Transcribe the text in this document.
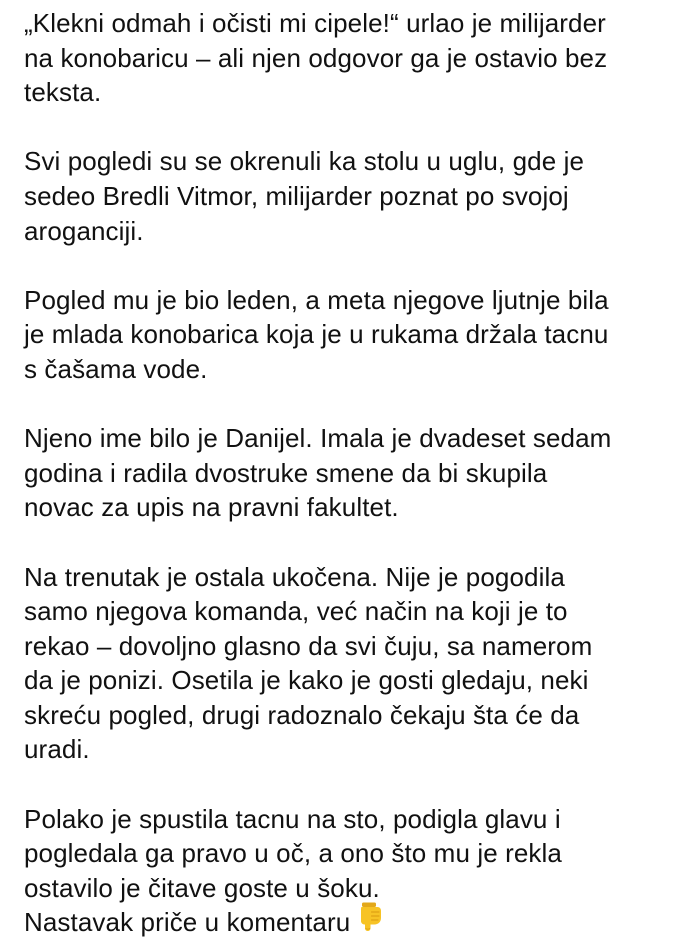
„Klekni odmah i očisti mi cipele!“ urlao je milijarder
na konobaricu – ali njen odgovor ga je ostavio bez
teksta.

Svi pogledi su se okrenuli ka stolu u uglu, gde je
sedeo Bredli Vitmor, milijarder poznat po svojoj
aroganciji.

Pogled mu je bio leden, a meta njegove ljutnje bila
je mlada konobarica koja je u rukama držala tacnu
s čašama vode.

Njeno ime bilo je Danijel. Imala je dvadeset sedam
godina i radila dvostruke smene da bi skupila
novac za upis na pravni fakultet.

Na trenutak je ostala ukočena. Nije je pogodila
samo njegova komanda, već način na koji je to
rekao – dovoljno glasno da svi čuju, sa namerom
da je ponizi. Osetila je kako je gosti gledaju, neki
skreću pogled, drugi radoznalo čekaju šta će da
uradi.

Polako je spustila tacnu na sto, podigla glavu i
pogledala ga pravo u oč, a ono što mu je rekla
ostavilo je čitave goste u šoku.
Nastavak priče u komentaru
